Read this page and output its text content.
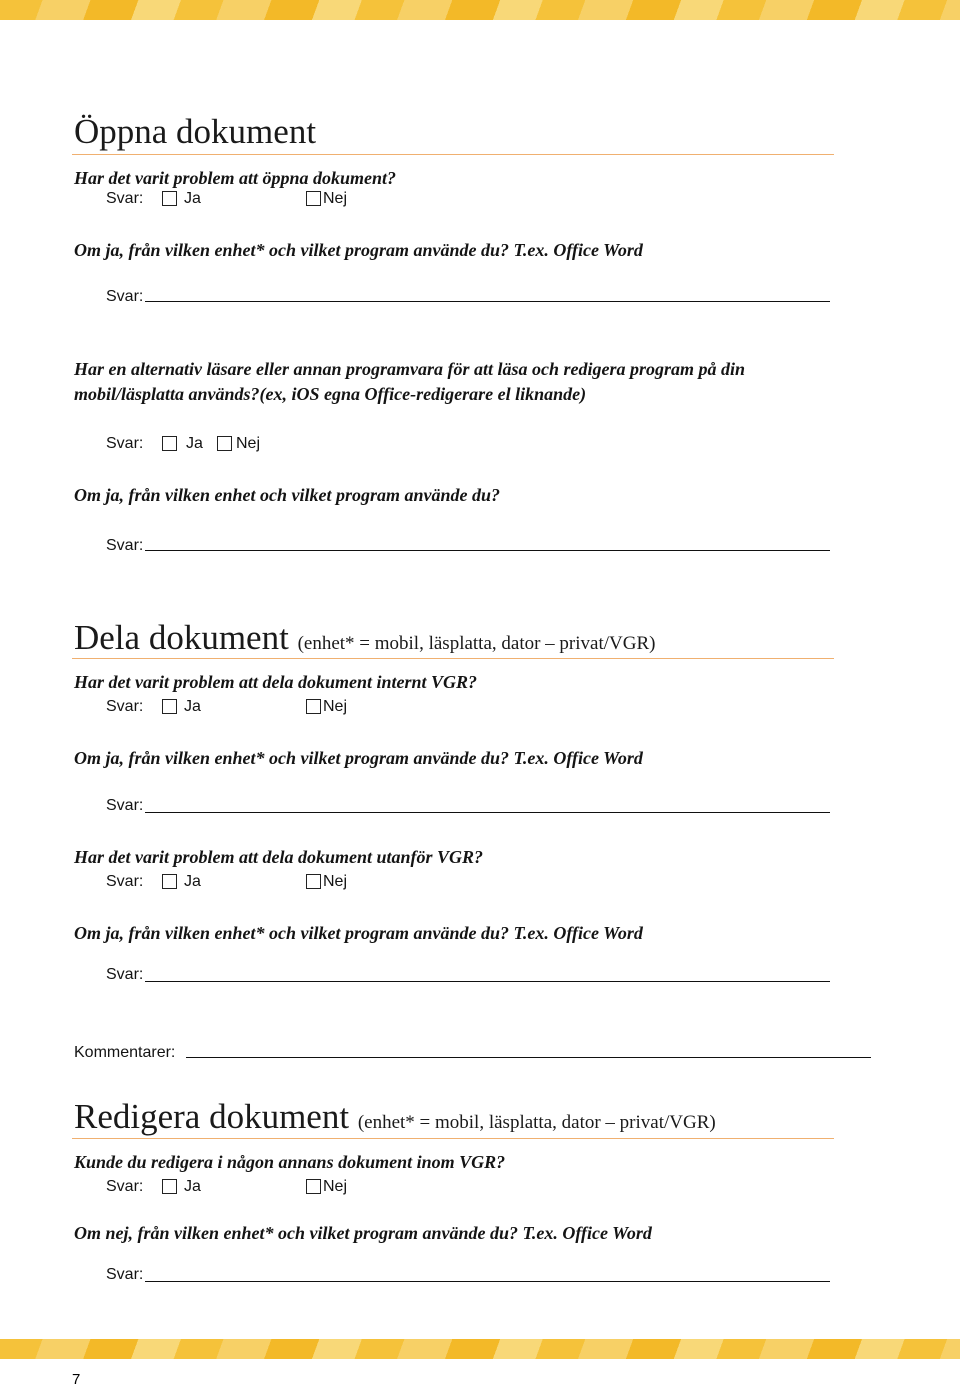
Öppna dokument
Har det varit problem att öppna dokument?
Svar:	Ja	Nej
Om ja, från vilken enhet* och vilket program använde du? T.ex. Office Word
Svar:
Har en alternativ läsare eller annan programvara för att läsa och redigera program på din
mobil/läsplatta används?(ex, iOS egna Office-redigerare el liknande)
Svar:	Ja Nej
Om ja, från vilken enhet och vilket program använde du?
Svar:
Dela dokument (enhet* = mobil, läsplatta, dator – privat/VGR)
Har det varit problem att dela dokument internt VGR?
Svar:	Ja	Nej
Om ja, från vilken enhet* och vilket program använde du? T.ex. Office Word
Svar:
Har det varit problem att dela dokument utanför VGR?
Svar:	Ja	Nej
Om ja, från vilken enhet* och vilket program använde du? T.ex. Office Word
Svar:
Kommentarer:
Redigera dokument (enhet* = mobil, läsplatta, dator – privat/VGR)
Kunde du redigera i någon annans dokument inom VGR?
Svar:	Ja	Nej
Om nej, från vilken enhet* och vilket program använde du? T.ex. Office Word
Svar:
7
